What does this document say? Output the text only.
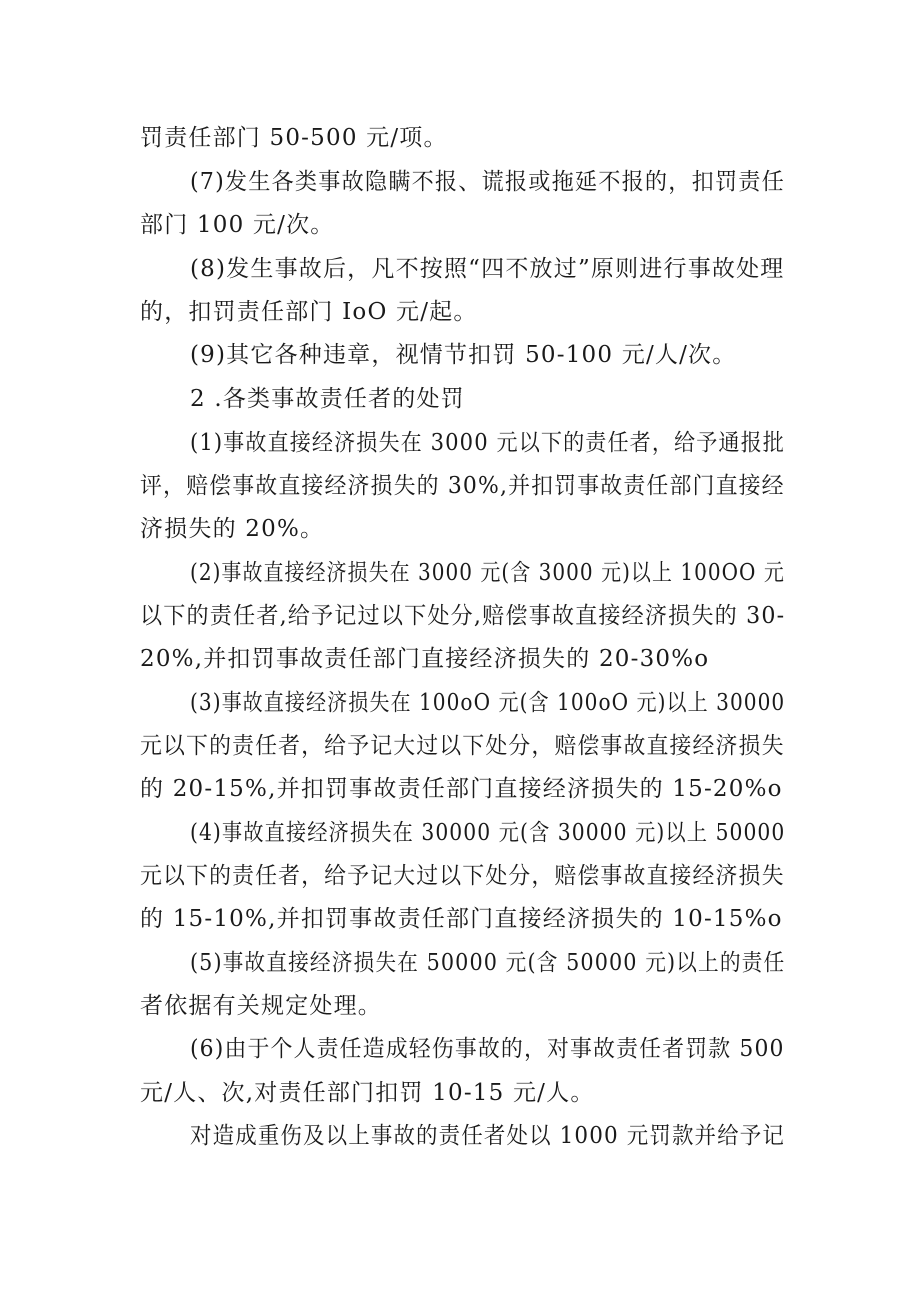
罚责任部门 50-500 元/项。
(7)发生各类事故隐瞒不报、谎报或拖延不报的，扣罚责任
部门 100 元/次。
(8)发生事故后，凡不按照“四不放过”原则进行事故处理
的，扣罚责任部门 IoO 元/起。
(9)其它各种违章，视情节扣罚 50-100 元/人/次。
2 .各类事故责任者的处罚
(1)事故直接经济损失在 3000 元以下的责任者，给予通报批
评，赔偿事故直接经济损失的 30%,并扣罚事故责任部门直接经
济损失的 20%。
(2)事故直接经济损失在 3000 元(含 3000 元)以上 100OO 元
以下的责任者,给予记过以下处分,赔偿事故直接经济损失的 30-
20%,并扣罚事故责任部门直接经济损失的 20-30%o
(3)事故直接经济损失在 100oO 元(含 100oO 元)以上 30000
元以下的责任者，给予记大过以下处分，赔偿事故直接经济损失
的 20-15%,并扣罚事故责任部门直接经济损失的 15-20%o
(4)事故直接经济损失在 30000 元(含 30000 元)以上 50000
元以下的责任者，给予记大过以下处分，赔偿事故直接经济损失
的 15-10%,并扣罚事故责任部门直接经济损失的 10-15%o
(5)事故直接经济损失在 50000 元(含 50000 元)以上的责任
者依据有关规定处理。
(6)由于个人责任造成轻伤事故的，对事故责任者罚款 500
元/人、次,对责任部门扣罚 10-15 元/人。
对造成重伤及以上事故的责任者处以 1000 元罚款并给予记
